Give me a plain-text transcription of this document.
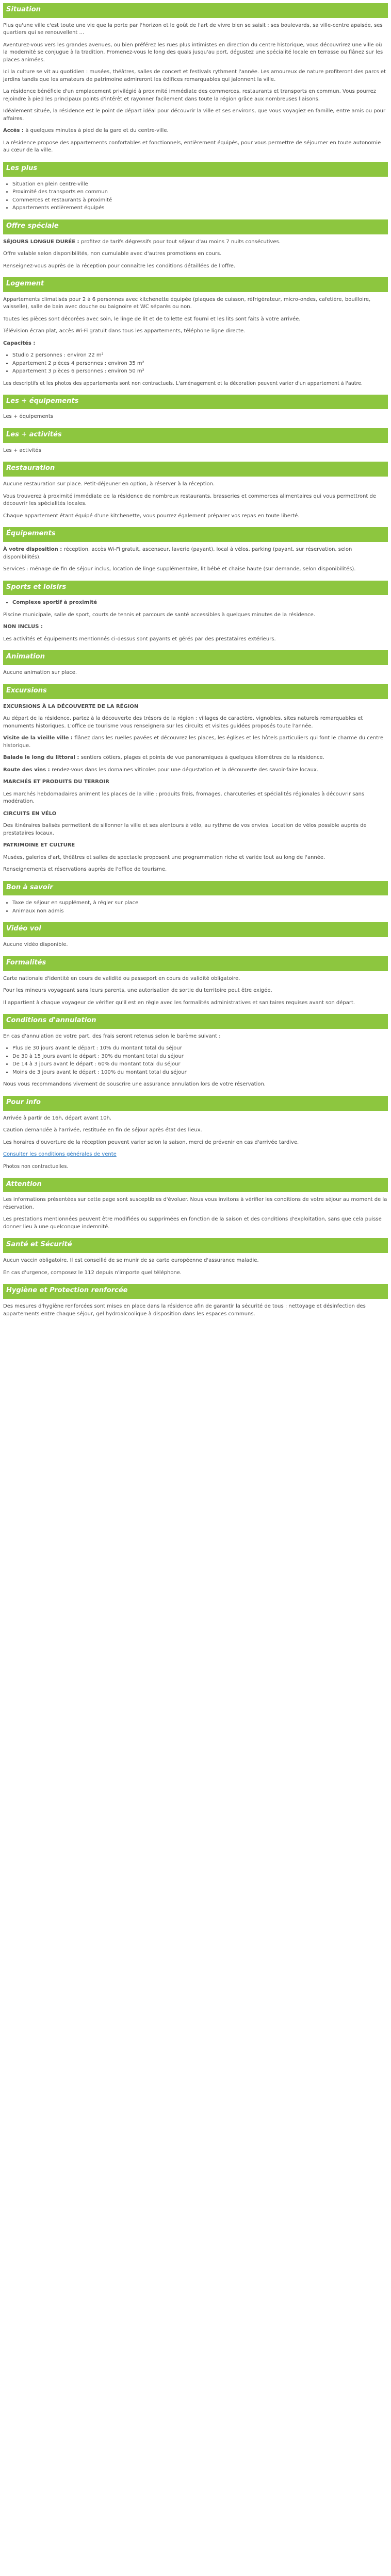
Situation

Plus qu'une ville c'est toute une vie que la porte par l'horizon et le goût de l'art de vivre bien se saisit : ses boulevards, sa ville-centre apaisée, ses quartiers qui se renouvellent ...

Aventurez-vous vers les grandes avenues, ou bien préférez les rues plus intimistes en direction du centre historique, vous découvrirez une ville où la modernité se conjugue à la tradition. Promenez-vous le long des quais jusqu'au port, dégustez une spécialité locale en terrasse ou flânez sur les places animées.

Ici la culture se vit au quotidien : musées, théâtres, salles de concert et festivals rythment l'année. Les amoureux de nature profiteront des parcs et jardins tandis que les amateurs de patrimoine admireront les édifices remarquables qui jalonnent la ville.

La résidence bénéficie d'un emplacement privilégié à proximité immédiate des commerces, restaurants et transports en commun. Vous pourrez rejoindre à pied les principaux points d'intérêt et rayonner facilement dans toute la région grâce aux nombreuses liaisons.

Idéalement située, la résidence est le point de départ idéal pour découvrir la ville et ses environs, que vous voyagiez en famille, entre amis ou pour affaires.

Accès : à quelques minutes à pied de la gare et du centre-ville.

La résidence propose des appartements confortables et fonctionnels, entièrement équipés, pour vous permettre de séjourner en toute autonomie au cœur de la ville.

Les plus
• Situation en plein centre-ville
• Proximité des transports en commun
• Commerces et restaurants à proximité
• Appartements entièrement équipés
Offre spéciale

SÉJOURS LONGUE DURÉE : profitez de tarifs dégressifs pour tout séjour d'au moins 7 nuits consécutives.

Offre valable selon disponibilités, non cumulable avec d'autres promotions en cours.

Renseignez-vous auprès de la réception pour connaître les conditions détaillées de l'offre.

Logement

Appartements climatisés pour 2 à 6 personnes avec kitchenette équipée (plaques de cuisson, réfrigérateur, micro-ondes, cafetière, bouilloire, vaisselle), salle de bain avec douche ou baignoire et WC séparés ou non.

Toutes les pièces sont décorées avec soin, le linge de lit et de toilette est fourni et les lits sont faits à votre arrivée.

Télévision écran plat, accès Wi-Fi gratuit dans tous les appartements, téléphone ligne directe.

Capacités :

• Studio 2 personnes : environ 22 m²
• Appartement 2 pièces 4 personnes : environ 35 m²
• Appartement 3 pièces 6 personnes : environ 50 m²

Les descriptifs et les photos des appartements sont non contractuels. L'aménagement et la décoration peuvent varier d'un appartement à l'autre.

Les + équipements

Les + équipements

Les + activités

Les + activités

Restauration

Aucune restauration sur place. Petit-déjeuner en option, à réserver à la réception.

Vous trouverez à proximité immédiate de la résidence de nombreux restaurants, brasseries et commerces alimentaires qui vous permettront de découvrir les spécialités locales.

Chaque appartement étant équipé d'une kitchenette, vous pourrez également préparer vos repas en toute liberté.

Équipements

À votre disposition : réception, accès Wi-Fi gratuit, ascenseur, laverie (payant), local à vélos, parking (payant, sur réservation, selon disponibilités).

Services : ménage de fin de séjour inclus, location de linge supplémentaire, lit bébé et chaise haute (sur demande, selon disponibilités).

Sports et loisirs
• Complexe sportif à proximité

Piscine municipale, salle de sport, courts de tennis et parcours de santé accessibles à quelques minutes de la résidence.

NON INCLUS :

Les activités et équipements mentionnés ci-dessus sont payants et gérés par des prestataires extérieurs.

Animation

Aucune animation sur place.

Excursions

EXCURSIONS À LA DÉCOUVERTE DE LA RÉGION

Au départ de la résidence, partez à la découverte des trésors de la région : villages de caractère, vignobles, sites naturels remarquables et monuments historiques. L'office de tourisme vous renseignera sur les circuits et visites guidées proposés toute l'année.

Visite de la vieille ville : flânez dans les ruelles pavées et découvrez les places, les églises et les hôtels particuliers qui font le charme du centre historique.

Balade le long du littoral : sentiers côtiers, plages et points de vue panoramiques à quelques kilomètres de la résidence.

Route des vins : rendez-vous dans les domaines viticoles pour une dégustation et la découverte des savoir-faire locaux.

MARCHÉS ET PRODUITS DU TERROIR

Les marchés hebdomadaires animent les places de la ville : produits frais, fromages, charcuteries et spécialités régionales à découvrir sans modération.

CIRCUITS EN VÉLO

Des itinéraires balisés permettent de sillonner la ville et ses alentours à vélo, au rythme de vos envies. Location de vélos possible auprès de prestataires locaux.

PATRIMOINE ET CULTURE

Musées, galeries d'art, théâtres et salles de spectacle proposent une programmation riche et variée tout au long de l'année.

Renseignements et réservations auprès de l'office de tourisme.

Bon à savoir
• Taxe de séjour en supplément, à régler sur place
• Animaux non admis
Vidéo vol

Aucune vidéo disponible.

Formalités

Carte nationale d'identité en cours de validité ou passeport en cours de validité obligatoire.

Pour les mineurs voyageant sans leurs parents, une autorisation de sortie du territoire peut être exigée.

Il appartient à chaque voyageur de vérifier qu'il est en règle avec les formalités administratives et sanitaires requises avant son départ.

Conditions d'annulation

En cas d'annulation de votre part, des frais seront retenus selon le barème suivant :

• Plus de 30 jours avant le départ : 10% du montant total du séjour
• De 30 à 15 jours avant le départ : 30% du montant total du séjour
• De 14 à 3 jours avant le départ : 60% du montant total du séjour
• Moins de 3 jours avant le départ : 100% du montant total du séjour

Nous vous recommandons vivement de souscrire une assurance annulation lors de votre réservation.

Pour info

Arrivée à partir de 16h, départ avant 10h.

Caution demandée à l'arrivée, restituée en fin de séjour après état des lieux.

Les horaires d'ouverture de la réception peuvent varier selon la saison, merci de prévenir en cas d'arrivée tardive.

Consulter les conditions générales de vente

Photos non contractuelles.

Attention

Les informations présentées sur cette page sont susceptibles d'évoluer. Nous vous invitons à vérifier les conditions de votre séjour au moment de la réservation.

Les prestations mentionnées peuvent être modifiées ou supprimées en fonction de la saison et des conditions d'exploitation, sans que cela puisse donner lieu à une quelconque indemnité.

Santé et Sécurité

Aucun vaccin obligatoire. Il est conseillé de se munir de sa carte européenne d'assurance maladie.

En cas d'urgence, composez le 112 depuis n'importe quel téléphone.

Hygiène et Protection renforcée

Des mesures d'hygiène renforcées sont mises en place dans la résidence afin de garantir la sécurité de tous : nettoyage et désinfection des appartements entre chaque séjour, gel hydroalcoolique à disposition dans les espaces communs.
